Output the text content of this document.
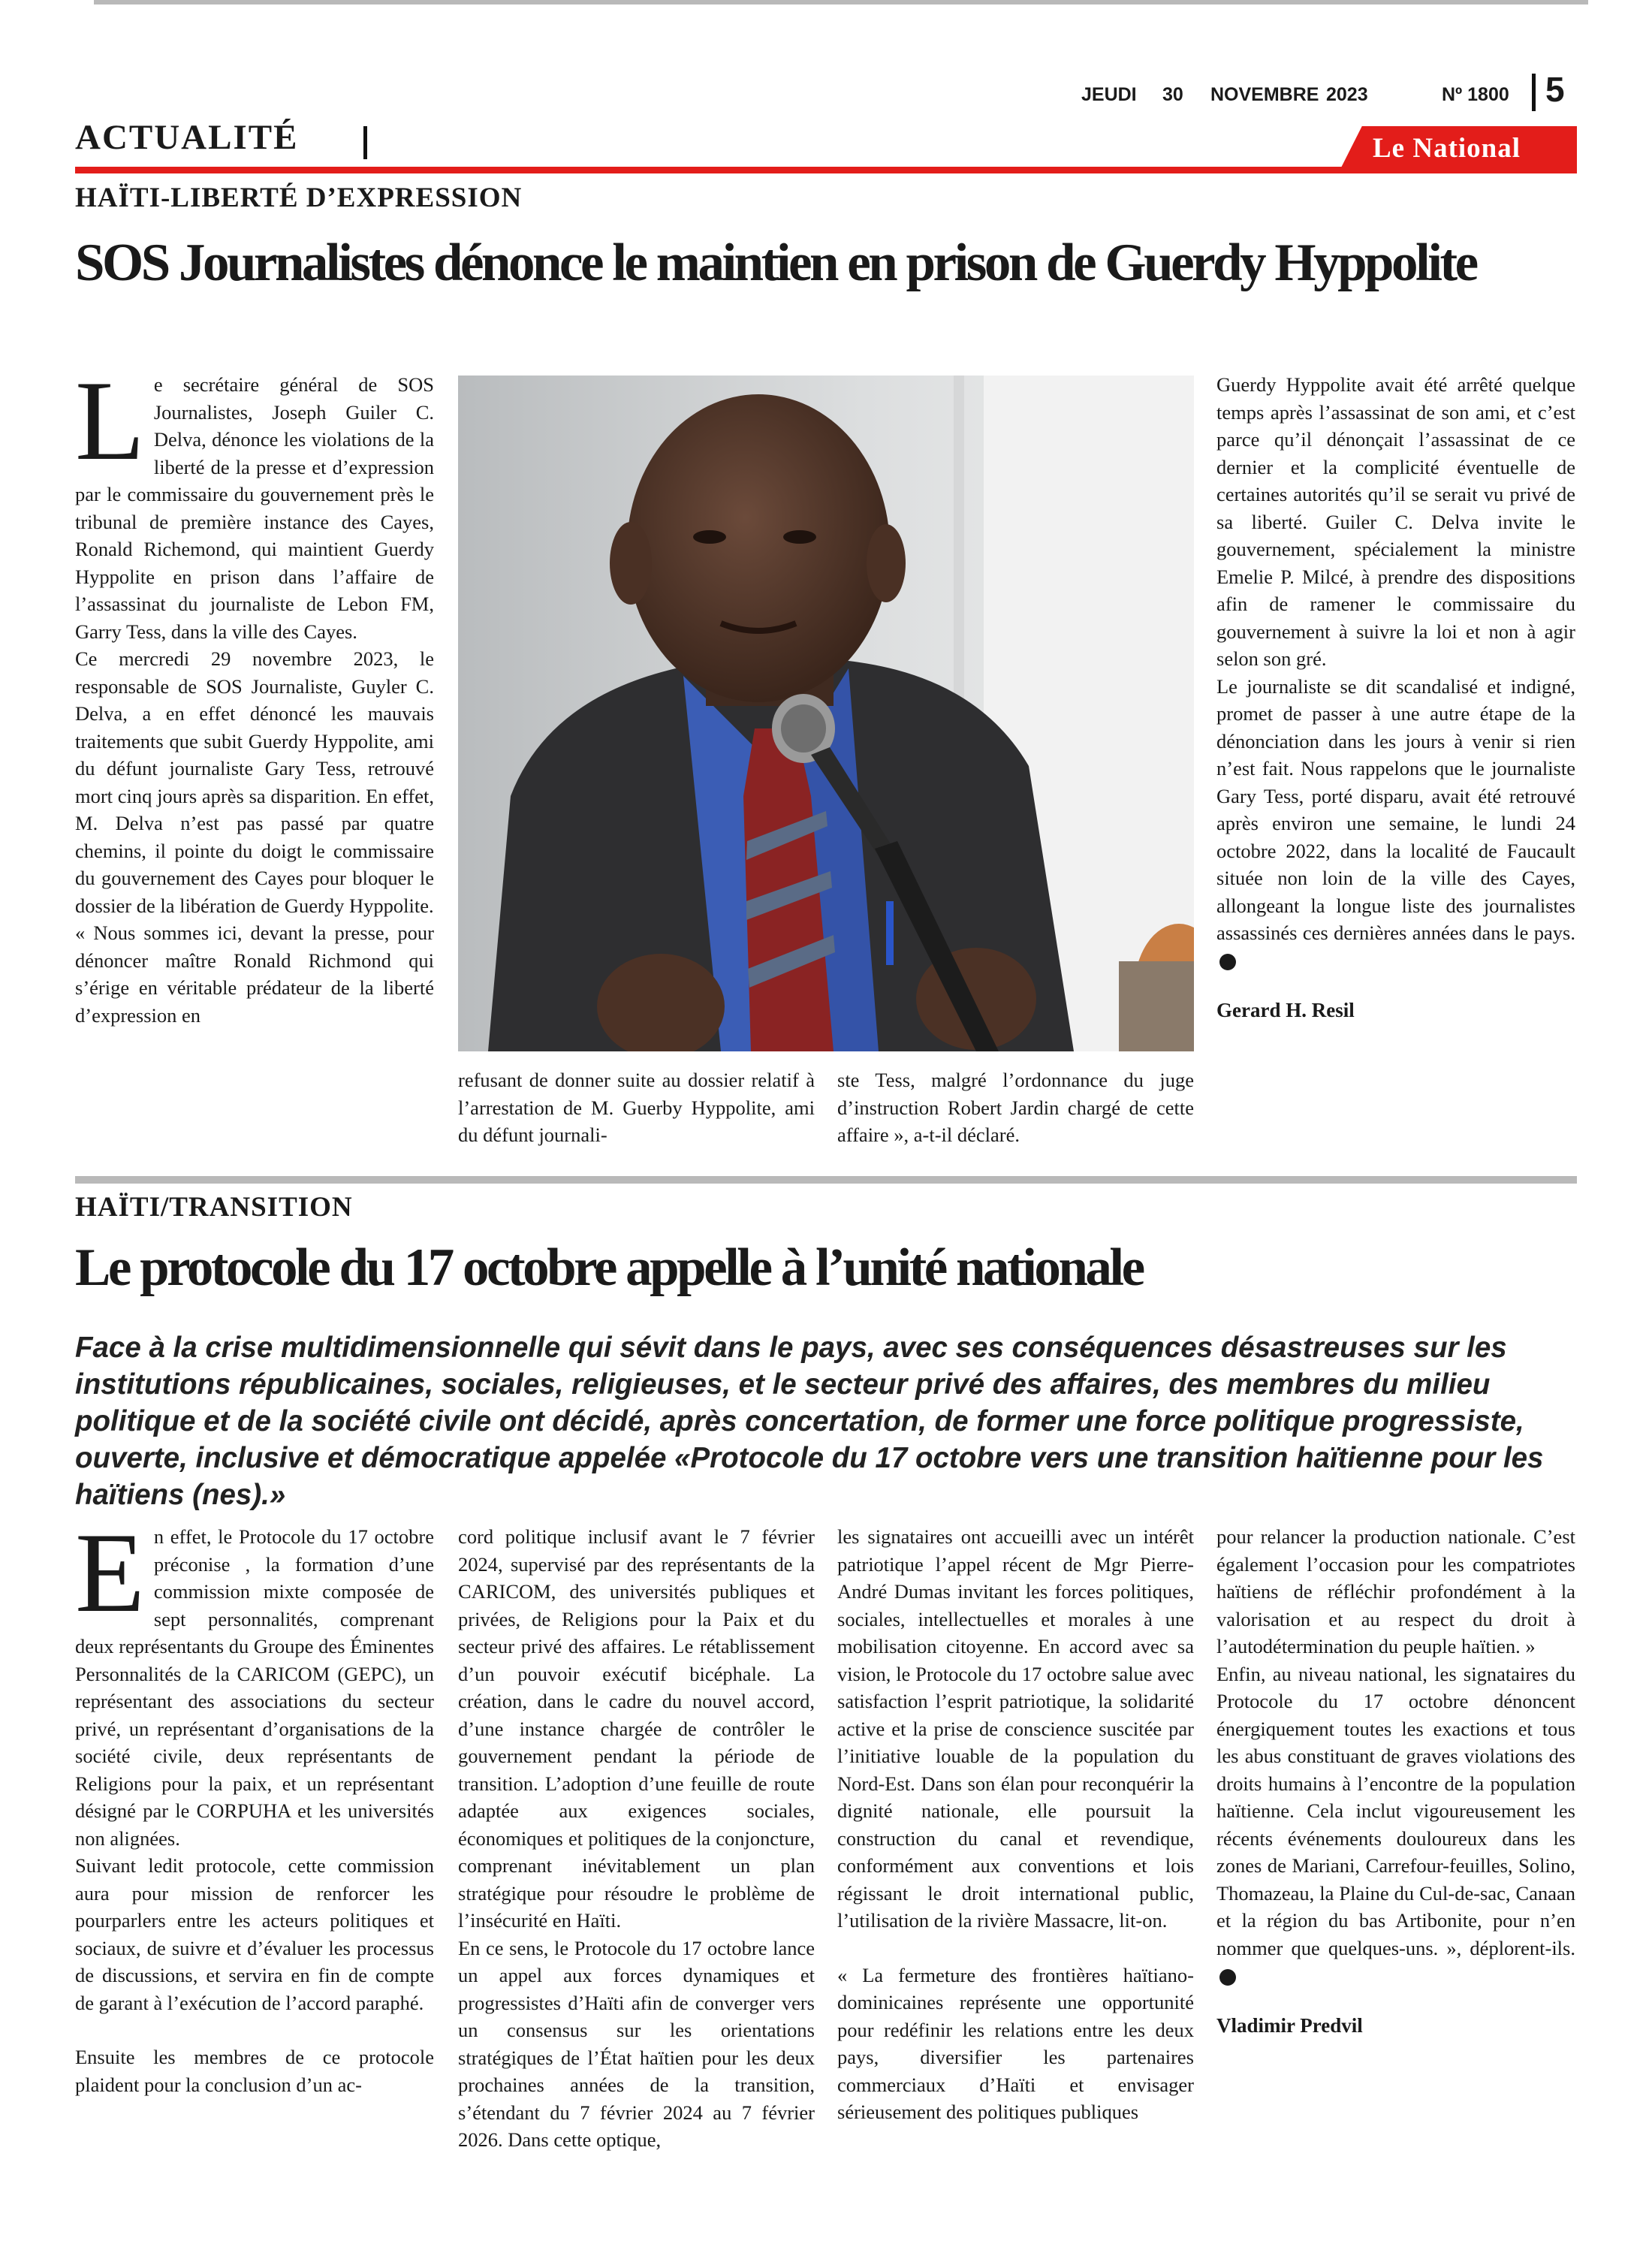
JEUDI 30 NOVEMBRE 2023	Nº 1800 5
ACTUALITÉ	Le National
HAÏTI-LIBERTÉ D’EXPRESSION
SOS Journalistes dénonce le maintien en prison de Guerdy Hyppolite
L e secrétaire général de SOS Journalistes, Joseph Guiler C. Delva, dénonce les violations de la liberté de la presse et d’expression par le commissaire du gouvernement près le tribunal de première instance des Cayes, Ronald Richemond, qui maintient Guerdy Hyppolite en prison dans l’affaire de l’assassinat du journaliste de Lebon FM, Garry Tess, dans la ville des Cayes.

Ce mercredi 29 novembre 2023, le responsable de SOS Journaliste, Guyler C. Delva, a en effet dénoncé les mauvais traitements que subit Guerdy Hyppolite, ami du défunt journaliste Gary Tess, retrouvé mort cinq jours après sa disparition. En effet, M. Delva n’est pas passé par quatre chemins, il pointe du doigt le commissaire du gouvernement des Cayes pour bloquer le dossier de la libération de Guerdy Hyppolite.

« Nous sommes ici, devant la presse, pour dénoncer maître Ronald Richmond qui s’érige en véritable prédateur de la liberté d’expression en

refusant de donner suite au dossier relatif à l’arrestation de M. Guerby Hyppolite, ami du défunt journali-

ste Tess, malgré l’ordonnance du juge d’instruction Robert Jardin chargé de cette affaire », a-t-il déclaré.

Guerdy Hyppolite avait été arrêté quelque temps après l’assassinat de son ami, et c’est parce qu’il dénonçait l’assassinat de ce dernier et la complicité éventuelle de certaines autorités qu’il se serait vu privé de sa liberté. Guiler C. Delva invite le gouvernement, spécialement la ministre Emelie P. Milcé, à prendre des dispositions afin de ramener le commissaire du gouvernement à suivre la loi et non à agir selon son gré.

Le journaliste se dit scandalisé et indigné, promet de passer à une autre étape de la dénonciation dans les jours à venir si rien n’est fait. Nous rappelons que le journaliste Gary Tess, porté disparu, avait été retrouvé après environ une semaine, le lundi 24 octobre 2022, dans la localité de Faucault située non loin de la ville des Cayes, allongeant la longue liste des journalistes assassinés ces dernières années dans le pays.

Gerard H. Resil
HAÏTI/TRANSITION
Le protocole du 17 octobre appelle à l’unité nationale
Face à la crise multidimensionnelle qui sévit dans le pays, avec ses conséquences désastreuses sur les institutions républicaines, sociales, religieuses, et le secteur privé des affaires, des membres du milieu politique et de la société civile ont décidé, après concertation, de former une force politique progressiste, ouverte, inclusive et démocratique appelée «Protocole du 17 octobre vers une transition haïtienne pour les haïtiens (nes).»
E n effet, le Protocole du 17 octobre préconise , la formation d’une commission mixte composée de sept personnalités, comprenant deux représentants du Groupe des Éminentes Personnalités de la CARICOM (GEPC), un représentant des associations du secteur privé, un représentant d’organisations de la société civile, deux représentants de Religions pour la paix, et un représentant désigné par le CORPUHA et les universités non alignées.

Suivant ledit protocole, cette commission aura pour mission de renforcer les pourparlers entre les acteurs politiques et sociaux, de suivre et d’évaluer les processus de discussions, et servira en fin de compte de garant à l’exécution de l’accord paraphé.

Ensuite les membres de ce protocole plaident pour la conclusion d’un ac-

cord politique inclusif avant le 7 février 2024, supervisé par des représentants de la CARICOM, des universités publiques et privées, de Religions pour la Paix et du secteur privé des affaires. Le rétablissement d’un pouvoir exécutif bicéphale. La création, dans le cadre du nouvel accord, d’une instance chargée de contrôler le gouvernement pendant la période de transition. L’adoption d’une feuille de route adaptée aux exigences sociales, économiques et politiques de la conjoncture, comprenant inévitablement un plan stratégique pour résoudre le problème de l’insécurité en Haïti.

En ce sens, le Protocole du 17 octobre lance un appel aux forces dynamiques et progressistes d’Haïti afin de converger vers un consensus sur les orientations stratégiques de l’État haïtien pour les deux prochaines années de la transition, s’étendant du 7 février 2024 au 7 février 2026. Dans cette optique,

les signataires ont accueilli avec un intérêt patriotique l’appel récent de Mgr Pierre-André Dumas invitant les forces politiques, sociales, intellectuelles et morales à une mobilisation citoyenne. En accord avec sa vision, le Protocole du 17 octobre salue avec satisfaction l’esprit patriotique, la solidarité active et la prise de conscience suscitée par l’initiative louable de la population du Nord-Est. Dans son élan pour reconquérir la dignité nationale, elle poursuit la construction du canal et revendique, conformément aux conventions et lois régissant le droit international public, l’utilisation de la rivière Massacre, lit-on.

« La fermeture des frontières haïtiano-dominicaines représente une opportunité pour redéfinir les relations entre les deux pays, diversifier les partenaires commerciaux d’Haïti et envisager sérieusement des politiques publiques

pour relancer la production nationale. C’est également l’occasion pour les compatriotes haïtiens de réfléchir profondément à la valorisation et au respect du droit à l’autodétermination du peuple haïtien. »

Enfin, au niveau national, les signataires du Protocole du 17 octobre dénoncent énergiquement toutes les exactions et tous les abus constituant de graves violations des droits humains à l’encontre de la population haïtienne. Cela inclut vigoureusement les récents événements douloureux dans les zones de Mariani, Carrefour-feuilles, Solino, Thomazeau, la Plaine du Cul-de-sac, Canaan et la région du bas Artibonite, pour n’en nommer que quelques-uns. », déplorent-ils.

Vladimir Predvil
